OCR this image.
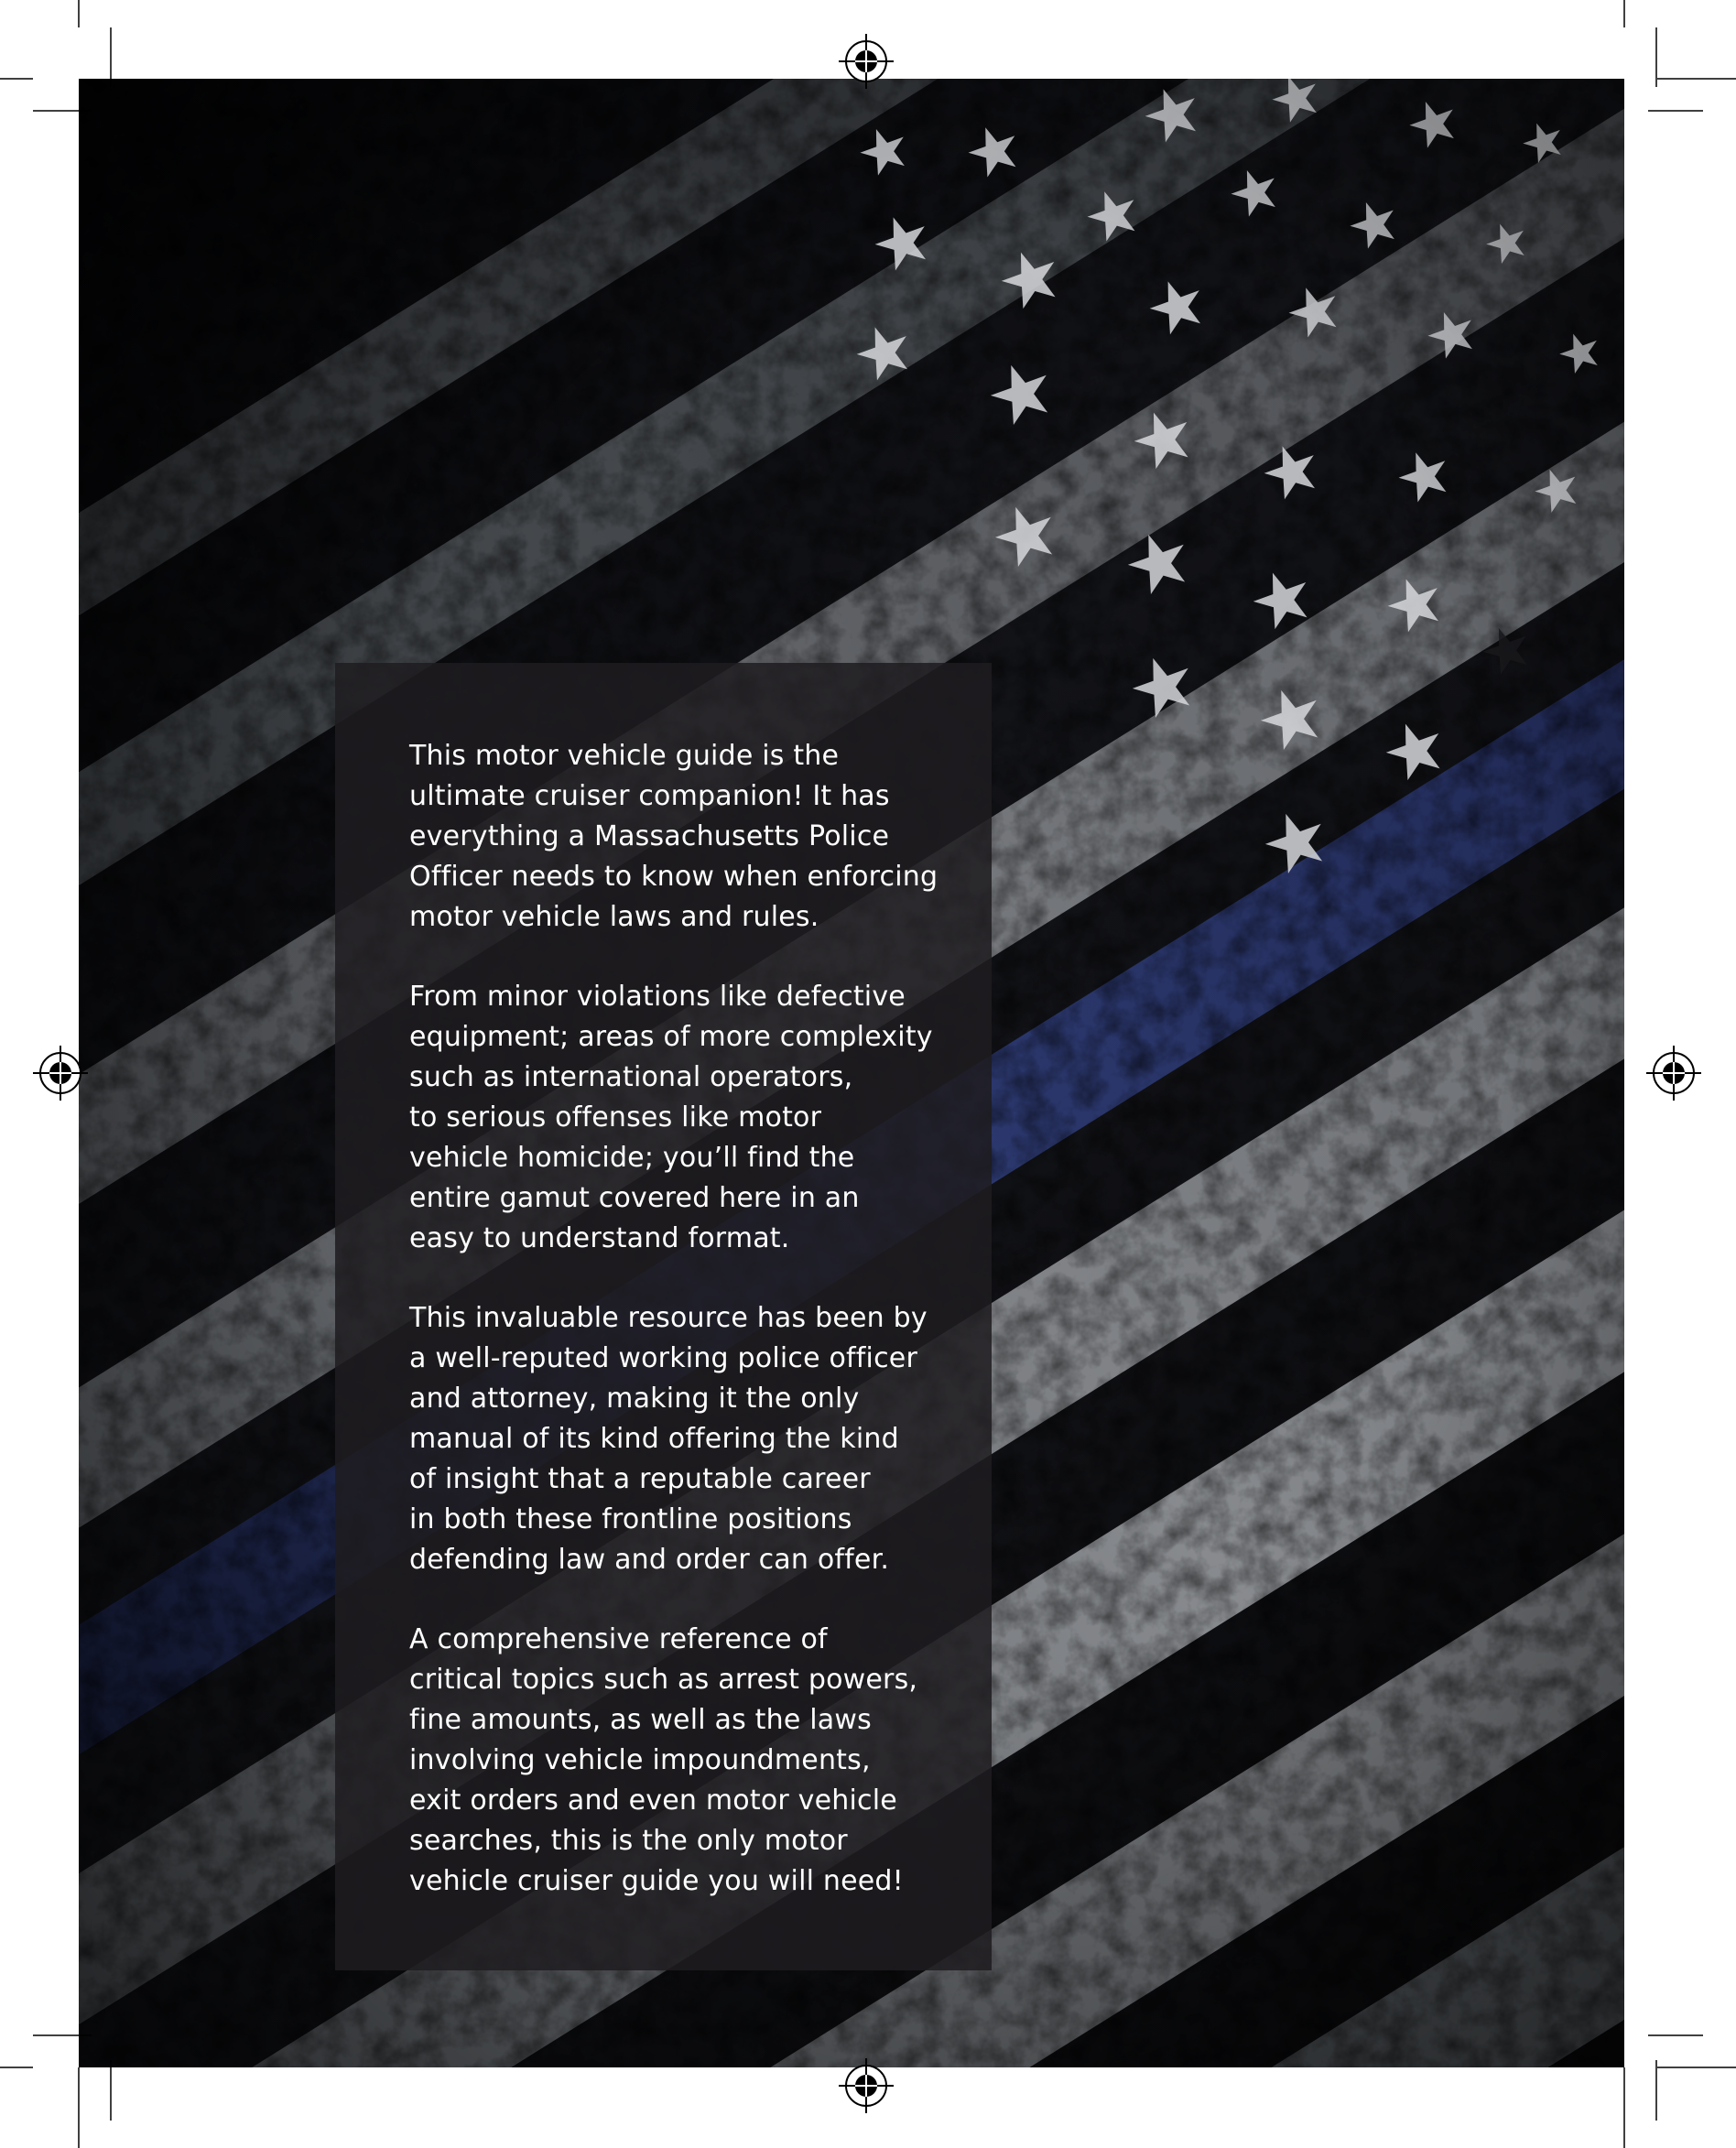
This motor vehicle guide is the
ultimate cruiser companion! It has
everything a Massachusetts Police
Officer needs to know when enforcing
motor vehicle laws and rules.

From minor violations like defective
equipment; areas of more complexity
such as international operators,
to serious offenses like motor
vehicle homicide; you’ll find the
entire gamut covered here in an
easy to understand format.

This invaluable resource has been by
a well-reputed working police officer
and attorney, making it the only
manual of its kind offering the kind
of insight that a reputable career
in both these frontline positions
defending law and order can offer.

A comprehensive reference of
critical topics such as arrest powers,
fine amounts, as well as the laws
involving vehicle impoundments,
exit orders and even motor vehicle
searches, this is the only motor
vehicle cruiser guide you will need!
